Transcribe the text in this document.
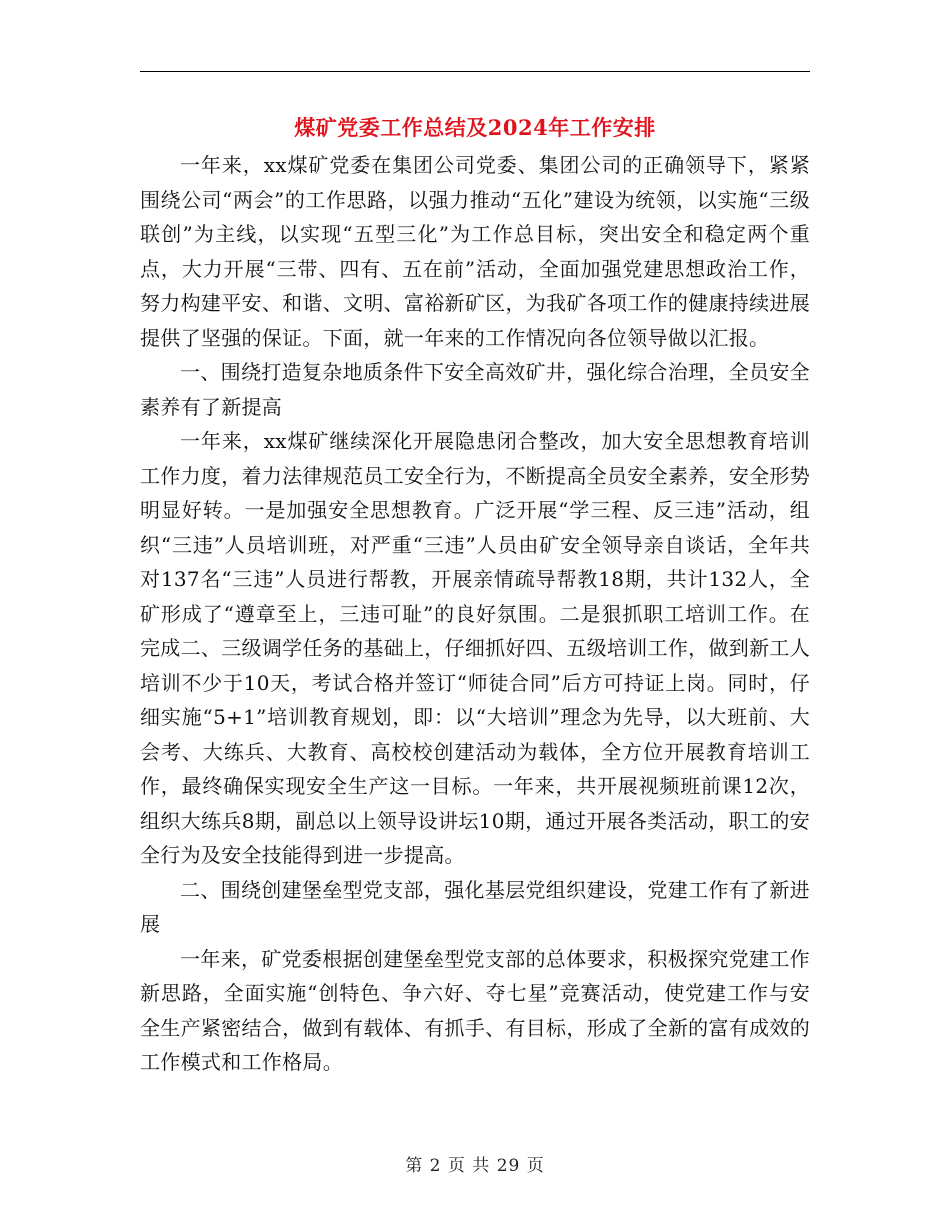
煤矿党委工作总结及2024年工作安排

一年来，xx煤矿党委在集团公司党委、集团公司的正确领导下，紧紧围绕公司“两会”的工作思路，以强力推动“五化”建设为统领，以实施“三级联创”为主线，以实现“五型三化”为工作总目标，突出安全和稳定两个重点，大力开展“三带、四有、五在前”活动，全面加强党建思想政治工作，努力构建平安、和谐、文明、富裕新矿区，为我矿各项工作的健康持续进展提供了坚强的保证。下面，就一年来的工作情况向各位领导做以汇报。

一、围绕打造复杂地质条件下安全高效矿井，强化综合治理，全员安全素养有了新提高

一年来，xx煤矿继续深化开展隐患闭合整改，加大安全思想教育培训工作力度，着力法律规范员工安全行为，不断提高全员安全素养，安全形势明显好转。一是加强安全思想教育。广泛开展“学三程、反三违”活动，组织“三违”人员培训班，对严重“三违”人员由矿安全领导亲自谈话，全年共对137名“三违”人员进行帮教，开展亲情疏导帮教18期，共计132人，全矿形成了“遵章至上，三违可耻”的良好氛围。二是狠抓职工培训工作。在完成二、三级调学任务的基础上，仔细抓好四、五级培训工作，做到新工人培训不少于10天，考试合格并签订“师徒合同”后方可持证上岗。同时，仔细实施“5+1”培训教育规划，即：以“大培训”理念为先导，以大班前、大会考、大练兵、大教育、高校校创建活动为载体，全方位开展教育培训工作，最终确保实现安全生产这一目标。一年来，共开展视频班前课12次，组织大练兵8期，副总以上领导设讲坛10期，通过开展各类活动，职工的安全行为及安全技能得到进一步提高。

二、围绕创建堡垒型党支部，强化基层党组织建设，党建工作有了新进展

一年来，矿党委根据创建堡垒型党支部的总体要求，积极探究党建工作新思路，全面实施“创特色、争六好、夺七星”竞赛活动，使党建工作与安全生产紧密结合，做到有载体、有抓手、有目标，形成了全新的富有成效的工作模式和工作格局。

第 2 页 共 29 页
